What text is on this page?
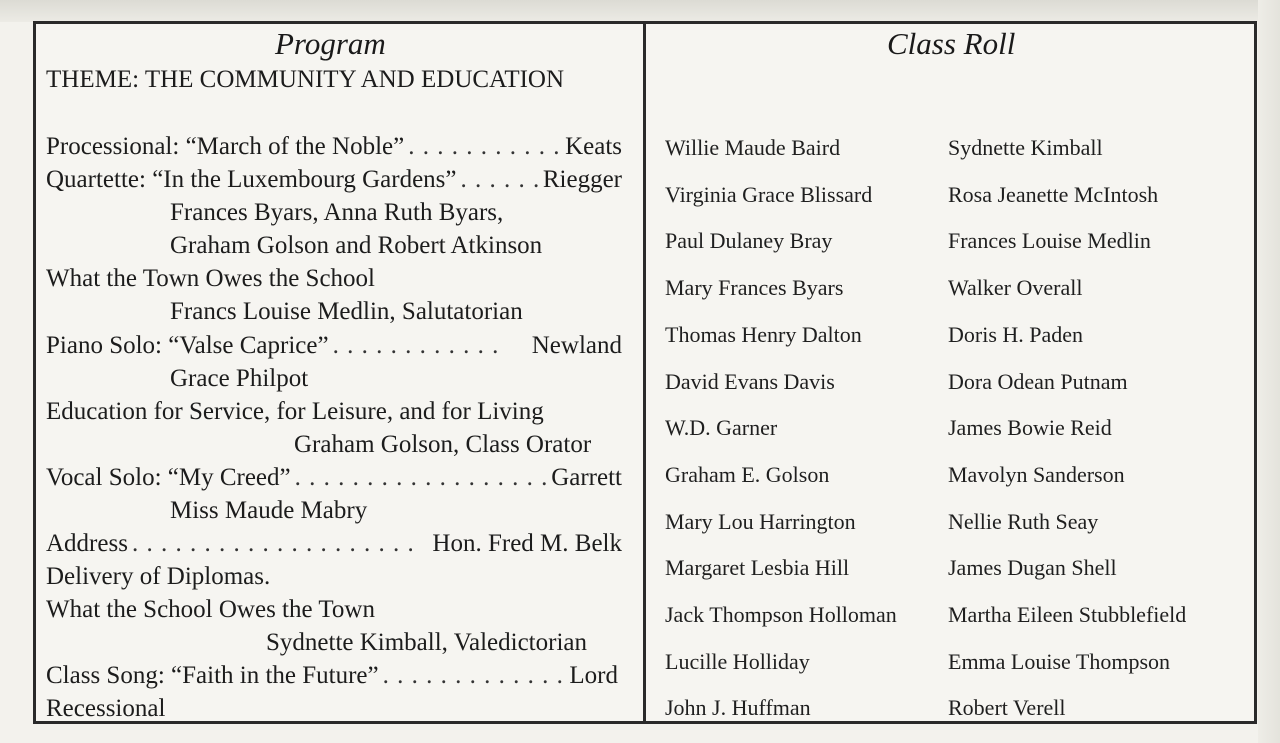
Program
THEME: THE COMMUNITY AND EDUCATION
Processional: “March of the Noble” . . .	Keats
Quartette: “In the Luxembourg Gardens” . . .	Riegger
Frances Byars, Anna Ruth Byars,
Graham Golson and Robert Atkinson
What the Town Owes the School
Francs Louise Medlin, Salutatorian
Piano Solo: “Valse Caprice” . . .	Newland
Grace Philpot
Education for Service, for Leisure, and for Living
Graham Golson, Class Orator
Vocal Solo: “My Creed” . . .	Garrett
Miss Maude Mabry
Address . . .	Hon. Fred M. Belk
Delivery of Diplomas.
What the School Owes the Town
Sydnette Kimball, Valedictorian
Class Song: “Faith in the Future” . . .	Lord
Recessional
Class Roll
Willie Maude Baird
Virginia Grace Blissard
Paul Dulaney Bray
Mary Frances Byars
Thomas Henry Dalton
David Evans Davis
W.D. Garner
Graham E. Golson
Mary Lou Harrington
Margaret Lesbia Hill
Jack Thompson Holloman
Lucille Holliday
John J. Huffman
Sydnette Kimball
Rosa Jeanette McIntosh
Frances Louise Medlin
Walker Overall
Doris H. Paden
Dora Odean Putnam
James Bowie Reid
Mavolyn Sanderson
Nellie Ruth Seay
James Dugan Shell
Martha Eileen Stubblefield
Emma Louise Thompson
Robert Verell
